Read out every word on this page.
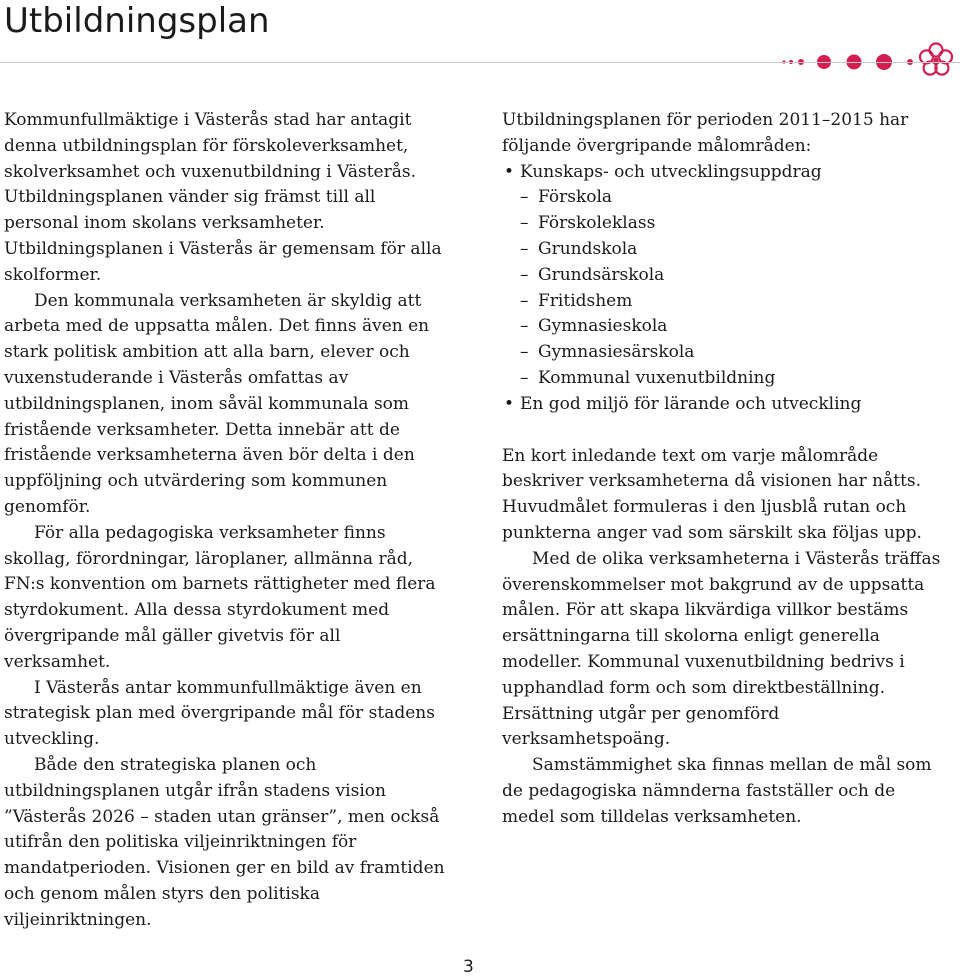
Utbildningsplan

Kommunfullmäktige i Västerås stad har antagit denna utbildningsplan för förskoleverksamhet, skolverksamhet och vuxenutbildning i Västerås. Utbildningsplanen vänder sig främst till all personal inom skolans verksamheter. Utbildningsplanen i Västerås är gemensam för alla skolformer.

Den kommunala verksamheten är skyldig att arbeta med de uppsatta målen. Det finns även en stark politisk ambition att alla barn, elever och vuxenstuderande i Västerås omfattas av utbildningsplanen, inom såväl kommunala som fristående verksamheter. Detta innebär att de fristående verksamheterna även bör delta i den uppföljning och utvärdering som kommunen genomför.

För alla pedagogiska verksamheter finns skollag, förordningar, läroplaner, allmänna råd, FN:s konvention om barnets rättigheter med flera styrdokument. Alla dessa styrdokument med övergripande mål gäller givetvis för all verksamhet.

I Västerås antar kommunfullmäktige även en strategisk plan med övergripande mål för stadens utveckling.

Både den strategiska planen och utbildningsplanen utgår ifrån stadens vision ”Västerås 2026 – staden utan gränser”, men också utifrån den politiska viljeinriktningen för mandatperioden. Visionen ger en bild av framtiden och genom målen styrs den politiska viljeinriktningen.

Utbildningsplanen för perioden 2011–2015 har följande övergripande målområden:

• Kunskaps- och utvecklingsuppdrag
– Förskola
– Förskoleklass
– Grundskola
– Grundsärskola
– Fritidshem
– Gymnasieskola
– Gymnasiesärskola
– Kommunal vuxenutbildning
• En god miljö för lärande och utveckling

En kort inledande text om varje målområde beskriver verksamheterna då visionen har nåtts. Huvudmålet formuleras i den ljusblå rutan och punkterna anger vad som särskilt ska följas upp.

Med de olika verksamheterna i Västerås träffas överenskommelser mot bakgrund av de uppsatta målen. För att skapa likvärdiga villkor bestäms ersättningarna till skolorna enligt generella modeller. Kommunal vuxenutbildning bedrivs i upphandlad form och som direktbeställning. Ersättning utgår per genomförd verksamhetspoäng.

Samstämmighet ska finnas mellan de mål som de pedagogiska nämnderna fastställer och de medel som tilldelas verksamheten.

3
